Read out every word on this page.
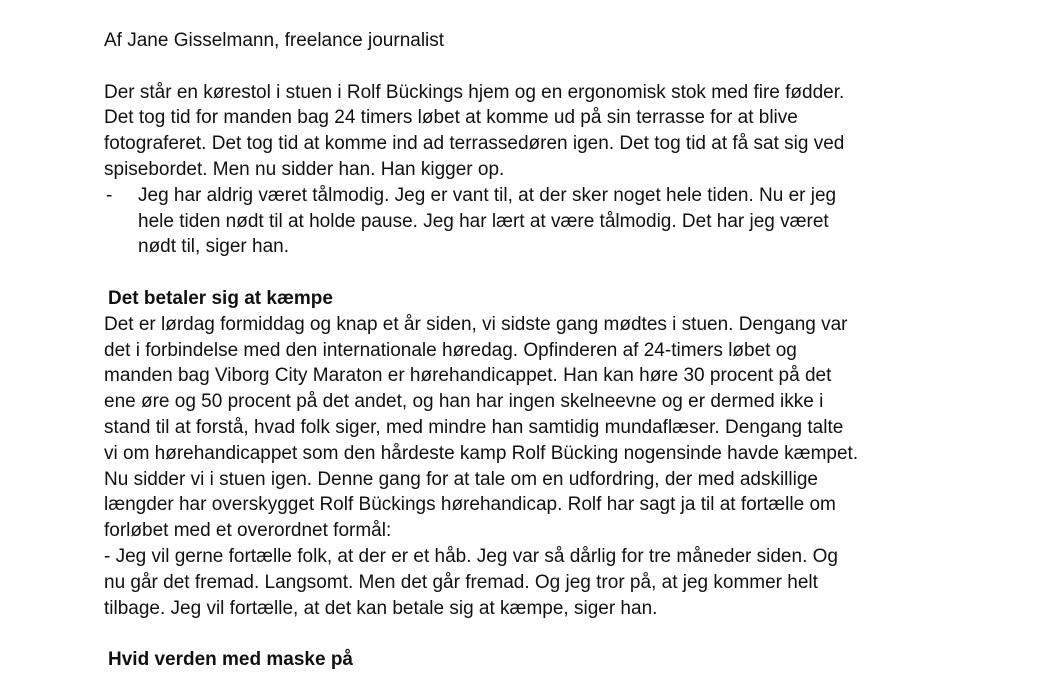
Af Jane Gisselmann, freelance journalist
Der står en kørestol i stuen i Rolf Bückings hjem og en ergonomisk stok med fire fødder.
Det tog tid for manden bag 24 timers løbet at komme ud på sin terrasse for at blive
fotograferet. Det tog tid at komme ind ad terrassedøren igen. Det tog tid at få sat sig ved
spisebordet. Men nu sidder han. Han kigger op.
- Jeg har aldrig været tålmodig. Jeg er vant til, at der sker noget hele tiden. Nu er jeg
hele tiden nødt til at holde pause. Jeg har lært at være tålmodig. Det har jeg været
nødt til, siger han.
Det betaler sig at kæmpe
Det er lørdag formiddag og knap et år siden, vi sidste gang mødtes i stuen. Dengang var
det i forbindelse med den internationale høredag. Opfinderen af 24-timers løbet og
manden bag Viborg City Maraton er hørehandicappet. Han kan høre 30 procent på det
ene øre og 50 procent på det andet, og han har ingen skelneevne og er dermed ikke i
stand til at forstå, hvad folk siger, med mindre han samtidig mundaflæser. Dengang talte
vi om hørehandicappet som den hårdeste kamp Rolf Bücking nogensinde havde kæmpet.
Nu sidder vi i stuen igen. Denne gang for at tale om en udfordring, der med adskillige
længder har overskygget Rolf Bückings hørehandicap. Rolf har sagt ja til at fortælle om
forløbet med et overordnet formål:
- Jeg vil gerne fortælle folk, at der er et håb. Jeg var så dårlig for tre måneder siden. Og
nu går det fremad. Langsomt. Men det går fremad. Og jeg tror på, at jeg kommer helt
tilbage. Jeg vil fortælle, at det kan betale sig at kæmpe, siger han.
Hvid verden med maske på
